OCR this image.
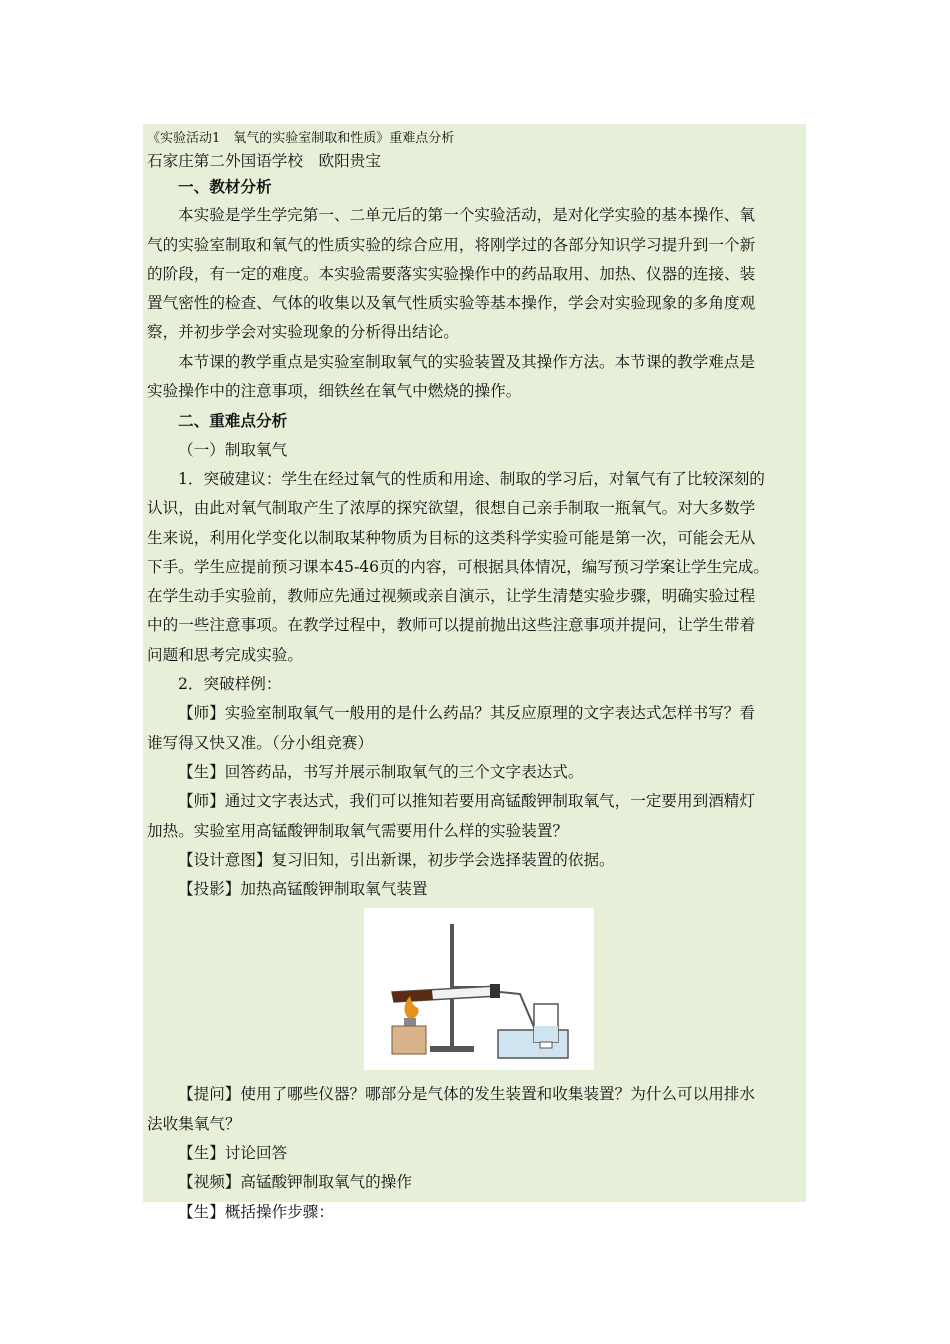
《实验活动1　氧气的实验室制取和性质》重难点分析
石家庄第二外国语学校　欧阳贵宝
一、教材分析
本实验是学生学完第一、二单元后的第一个实验活动，是对化学实验的基本操作、氧
气的实验室制取和氧气的性质实验的综合应用，将刚学过的各部分知识学习提升到一个新
的阶段，有一定的难度。本实验需要落实实验操作中的药品取用、加热、仪器的连接、装
置气密性的检查、气体的收集以及氧气性质实验等基本操作，学会对实验现象的多角度观
察，并初步学会对实验现象的分析得出结论。
本节课的教学重点是实验室制取氧气的实验装置及其操作方法。本节课的教学难点是
实验操作中的注意事项，细铁丝在氧气中燃烧的操作。
二、重难点分析
（一）制取氧气
1．突破建议：学生在经过氧气的性质和用途、制取的学习后，对氧气有了比较深刻的
认识，由此对氧气制取产生了浓厚的探究欲望，很想自己亲手制取一瓶氧气。对大多数学
生来说，利用化学变化以制取某种物质为目标的这类科学实验可能是第一次，可能会无从
下手。学生应提前预习课本45-46页的内容，可根据具体情况，编写预习学案让学生完成。
在学生动手实验前，教师应先通过视频或亲自演示，让学生清楚实验步骤，明确实验过程
中的一些注意事项。在教学过程中，教师可以提前抛出这些注意事项并提问，让学生带着
问题和思考完成实验。
2．突破样例：
【师】实验室制取氧气一般用的是什么药品？其反应原理的文字表达式怎样书写？看
谁写得又快又准。（分小组竞赛）
【生】回答药品，书写并展示制取氧气的三个文字表达式。
【师】通过文字表达式，我们可以推知若要用高锰酸钾制取氧气，一定要用到酒精灯
加热。实验室用高锰酸钾制取氧气需要用什么样的实验装置？
【设计意图】复习旧知，引出新课，初步学会选择装置的依据。
【投影】加热高锰酸钾制取氧气装置
【提问】使用了哪些仪器？哪部分是气体的发生装置和收集装置？为什么可以用排水
法收集氧气？
【生】讨论回答
【视频】高锰酸钾制取氧气的操作
【生】概括操作步骤：
